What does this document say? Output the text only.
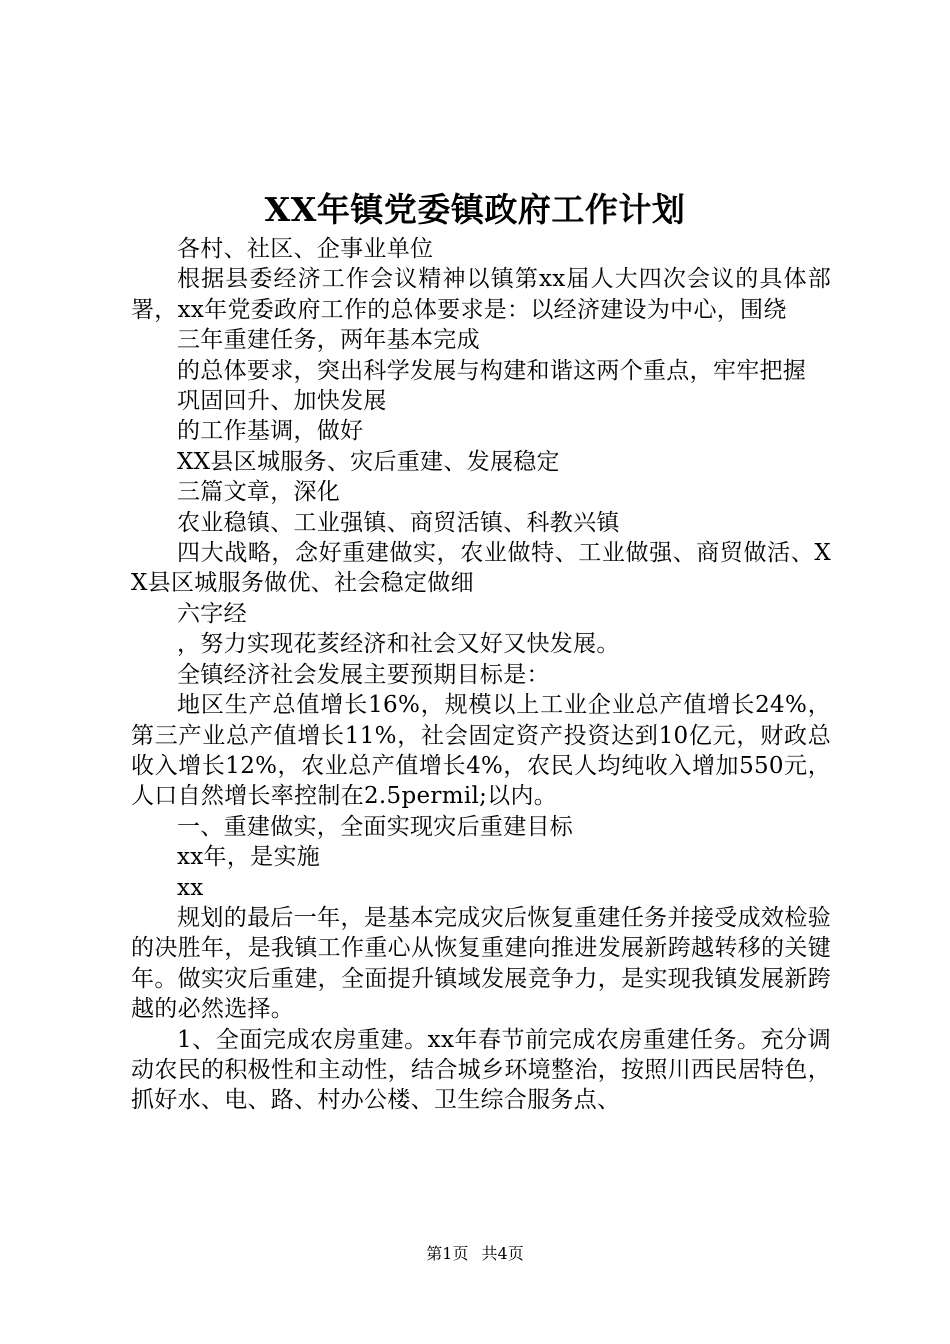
XX年镇党委镇政府工作计划

各村、社区、企事业单位

根据县委经济工作会议精神以镇第xx届人大四次会议的具体部署，xx年党委政府工作的总体要求是：以经济建设为中心，围绕

三年重建任务，两年基本完成

的总体要求，突出科学发展与构建和谐这两个重点，牢牢把握

巩固回升、加快发展

的工作基调，做好

XX县区城服务、灾后重建、发展稳定

三篇文章，深化

农业稳镇、工业强镇、商贸活镇、科教兴镇

四大战略，念好重建做实，农业做特、工业做强、商贸做活、XX县区城服务做优、社会稳定做细

六字经

，努力实现花荄经济和社会又好又快发展。

全镇经济社会发展主要预期目标是：

地区生产总值增长16%，规模以上工业企业总产值增长24%，第三产业总产值增长11%，社会固定资产投资达到10亿元，财政总收入增长12%，农业总产值增长4%，农民人均纯收入增加550元，人口自然增长率控制在2.5permil;以内。

一、重建做实，全面实现灾后重建目标

xx年，是实施

xx

规划的最后一年，是基本完成灾后恢复重建任务并接受成效检验的决胜年，是我镇工作重心从恢复重建向推进发展新跨越转移的关键年。做实灾后重建，全面提升镇域发展竞争力，是实现我镇发展新跨越的必然选择。

1、全面完成农房重建。xx年春节前完成农房重建任务。充分调动农民的积极性和主动性，结合城乡环境整治，按照川西民居特色，抓好水、电、路、村办公楼、卫生综合服务点、

第1页 共4页
